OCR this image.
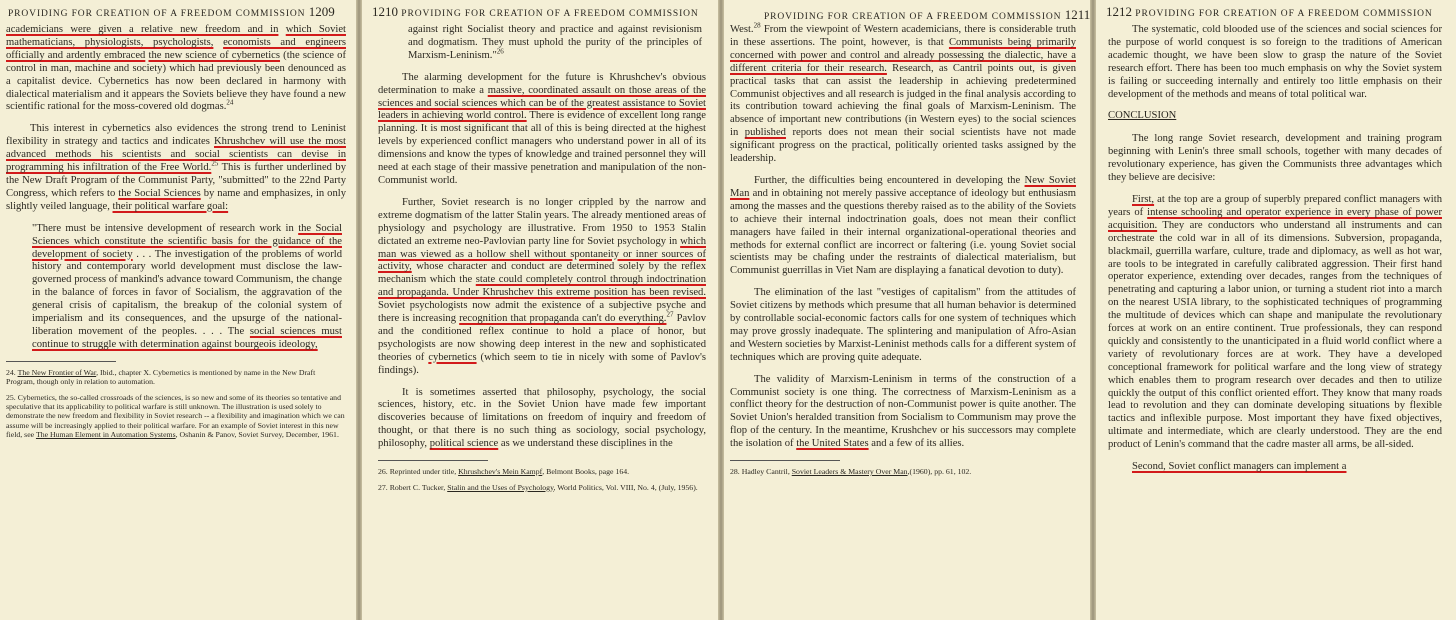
PROVIDING FOR CREATION OF A FREEDOM COMMISSION 1209

academicians were given a relative new freedom and in which Soviet mathematicians, physiologists, psychologists, economists and engineers officially and ardently embraced the new science of cybernetics (the science of control in man, machine and society) which had previously been denounced as a capitalist device. Cybernetics has now been declared in harmony with dialectical materialism and it appears the Soviets believe they have found a new scientific rational for the moss-covered old dogmas.$^{24}$

This interest in cybernetics also evidences the strong trend to Leninist flexibility in strategy and tactics and indicates Khrushchev will use the most advanced methods his scientists and social scientists can devise in programming his infiltration of the Free World.$^{25}$ This is further underlined by the New Draft Program of the Communist Party, "submitted" to the 22nd Party Congress, which refers to the Social Sciences by name and emphasizes, in only slightly veiled language, their political warfare goal:

"There must be intensive development of research work in the Social Sciences which constitute the scientific basis for the guidance of the development of society . . . The investigation of the problems of world history and contemporary world development must disclose the law-governed process of mankind's advance toward Communism, the change in the balance of forces in favor of Socialism, the aggravation of the general crisis of capitalism, the breakup of the colonial system of imperialism and its consequences, and the upsurge of the national-liberation movement of the peoples. . . . The social sciences must continue to struggle with determination against bourgeois ideology,

24. The New Frontier of War, Ibid., chapter X. Cybernetics is mentioned by name in the New Draft Program, though only in relation to automation.
25. Cybernetics, the so-called crossroads of the sciences, is so new and some of its theories so tentative and speculative that its applicability to political warfare is still unknown. The illustration is used solely to demonstrate the new freedom and flexibility in Soviet research -- a flexibility and imagination which we can assume will be increasingly applied to their political warfare. For an example of Soviet interest in this new field, see The Human Element in Automation Systems, Oshanin & Panov, Soviet Survey, December, 1961.
1210 PROVIDING FOR CREATION OF A FREEDOM COMMISSION

against right Socialist theory and practice and against revisionism and dogmatism. They must uphold the purity of the principles of Marxism-Leninism."$^{26}$

The alarming development for the future is Khrushchev's obvious determination to make a massive, coordinated assault on those areas of the sciences and social sciences which can be of the greatest assistance to Soviet leaders in achieving world control. There is evidence of excellent long range planning. It is most significant that all of this is being directed at the highest levels by experienced conflict managers who understand power in all of its dimensions and know the types of knowledge and trained personnel they will need at each stage of their massive penetration and manipulation of the non-Communist world.

Further, Soviet research is no longer crippled by the narrow and extreme dogmatism of the latter Stalin years. The already mentioned areas of physiology and psychology are illustrative. From 1950 to 1953 Stalin dictated an extreme neo-Pavlovian party line for Soviet psychology in which man was viewed as a hollow shell without spontaneity or inner sources of activity, whose character and conduct are determined solely by the reflex mechanism which the state could completely control through indoctrination and propaganda. Under Khrushchev this extreme position has been revised. Soviet psychologists now admit the existence of a subjective psyche and there is increasing recognition that propaganda can't do everything.$^{27}$ Pavlov and the conditioned reflex continue to hold a place of honor, but psychologists are now showing deep interest in the new and sophisticated theories of cybernetics (which seem to tie in nicely with some of Pavlov's findings).

It is sometimes asserted that philosophy, psychology, the social sciences, history, etc. in the Soviet Union have made few important discoveries because of limitations on freedom of inquiry and freedom of thought, or that there is no such thing as sociology, social psychology, philosophy, political science as we understand these disciplines in the

26. Reprinted under title, Khrushchev's Mein Kampf, Belmont Books, page 164.
27. Robert C. Tucker, Stalin and the Uses of Psychology, World Politics, Vol. VIII, No. 4, (July, 1956).
PROVIDING FOR CREATION OF A FREEDOM COMMISSION 1211

West.$^{28}$ From the viewpoint of Western academicians, there is considerable truth in these assertions. The point, however, is that Communists being primarily concerned with power and control and already possessing the dialectic, have a different criteria for their research. Research, as Cantril points out, is given practical tasks that can assist the leadership in achieving predetermined Communist objectives and all research is judged in the final analysis according to its contribution toward achieving the final goals of Marxism-Leninism. The absence of important new contributions (in Western eyes) to the social sciences in published reports does not mean their social scientists have not made significant progress on the practical, politically oriented tasks assigned by the leadership.

Further, the difficulties being encountered in developing the New Soviet Man and in obtaining not merely passive acceptance of ideology but enthusiasm among the masses and the questions thereby raised as to the ability of the Soviets to achieve their internal indoctrination goals, does not mean their conflict managers have failed in their internal organizational-operational theories and methods for external conflict are incorrect or faltering (i.e. young Soviet social scientists may be chafing under the restraints of dialectical materialism, but Communist guerrillas in Viet Nam are displaying a fanatical devotion to duty).

The elimination of the last "vestiges of capitalism" from the attitudes of Soviet citizens by methods which presume that all human behavior is determined by controllable social-economic factors calls for one system of techniques which may prove grossly inadequate. The splintering and manipulation of Afro-Asian and Western societies by Marxist-Leninist methods calls for a different system of techniques which are proving quite adequate.

The validity of Marxism-Leninism in terms of the construction of a Communist society is one thing. The correctness of Marxism-Leninism as a conflict theory for the destruction of non-Communist power is quite another. The Soviet Union's heralded transition from Socialism to Communism may prove the flop of the century. In the meantime, Krushchev or his successors may complete the isolation of the United States and a few of its allies.

28. Hadley Cantril, Soviet Leaders & Mastery Over Man,(1960), pp. 61, 102.
1212 PROVIDING FOR CREATION OF A FREEDOM COMMISSION

The systematic, cold blooded use of the sciences and social sciences for the purpose of world conquest is so foreign to the traditions of American academic thought, we have been slow to grasp the nature of the Soviet research effort. There has been too much emphasis on why the Soviet system is failing or succeeding internally and entirely too little emphasis on their development of the methods and means of total political war.

CONCLUSION

The long range Soviet research, development and training program beginning with Lenin's three small schools, together with many decades of revolutionary experience, has given the Communists three advantages which they believe are decisive:

First, at the top are a group of superbly prepared conflict managers with years of intense schooling and operator experience in every phase of power acquisition. They are conductors who understand all instruments and can orchestrate the cold war in all of its dimensions. Subversion, propaganda, blackmail, guerrilla warfare, culture, trade and diplomacy, as well as hot war, are tools to be integrated in carefully calibrated aggression. Their first hand operator experience, extending over decades, ranges from the techniques of penetrating and capturing a labor union, or turning a student riot into a march on the nearest USIA library, to the sophisticated techniques of programming the multitude of devices which can shape and manipulate the revolutionary forces at work on an entire continent. True professionals, they can respond quickly and consistently to the unanticipated in a fluid world conflict where a variety of revolutionary forces are at work. They have a developed conceptional framework for political warfare and the long view of strategy which enables them to program research over decades and then to utilize quickly the output of this conflict oriented effort. They know that many roads lead to revolution and they can dominate developing situations by flexible tactics and inflexible purpose. Most important they have fixed objectives, ultimate and intermediate, which are clearly understood. They are the end product of Lenin's command that the cadre master all arms, be all-sided.

Second, Soviet conflict managers can implement a
